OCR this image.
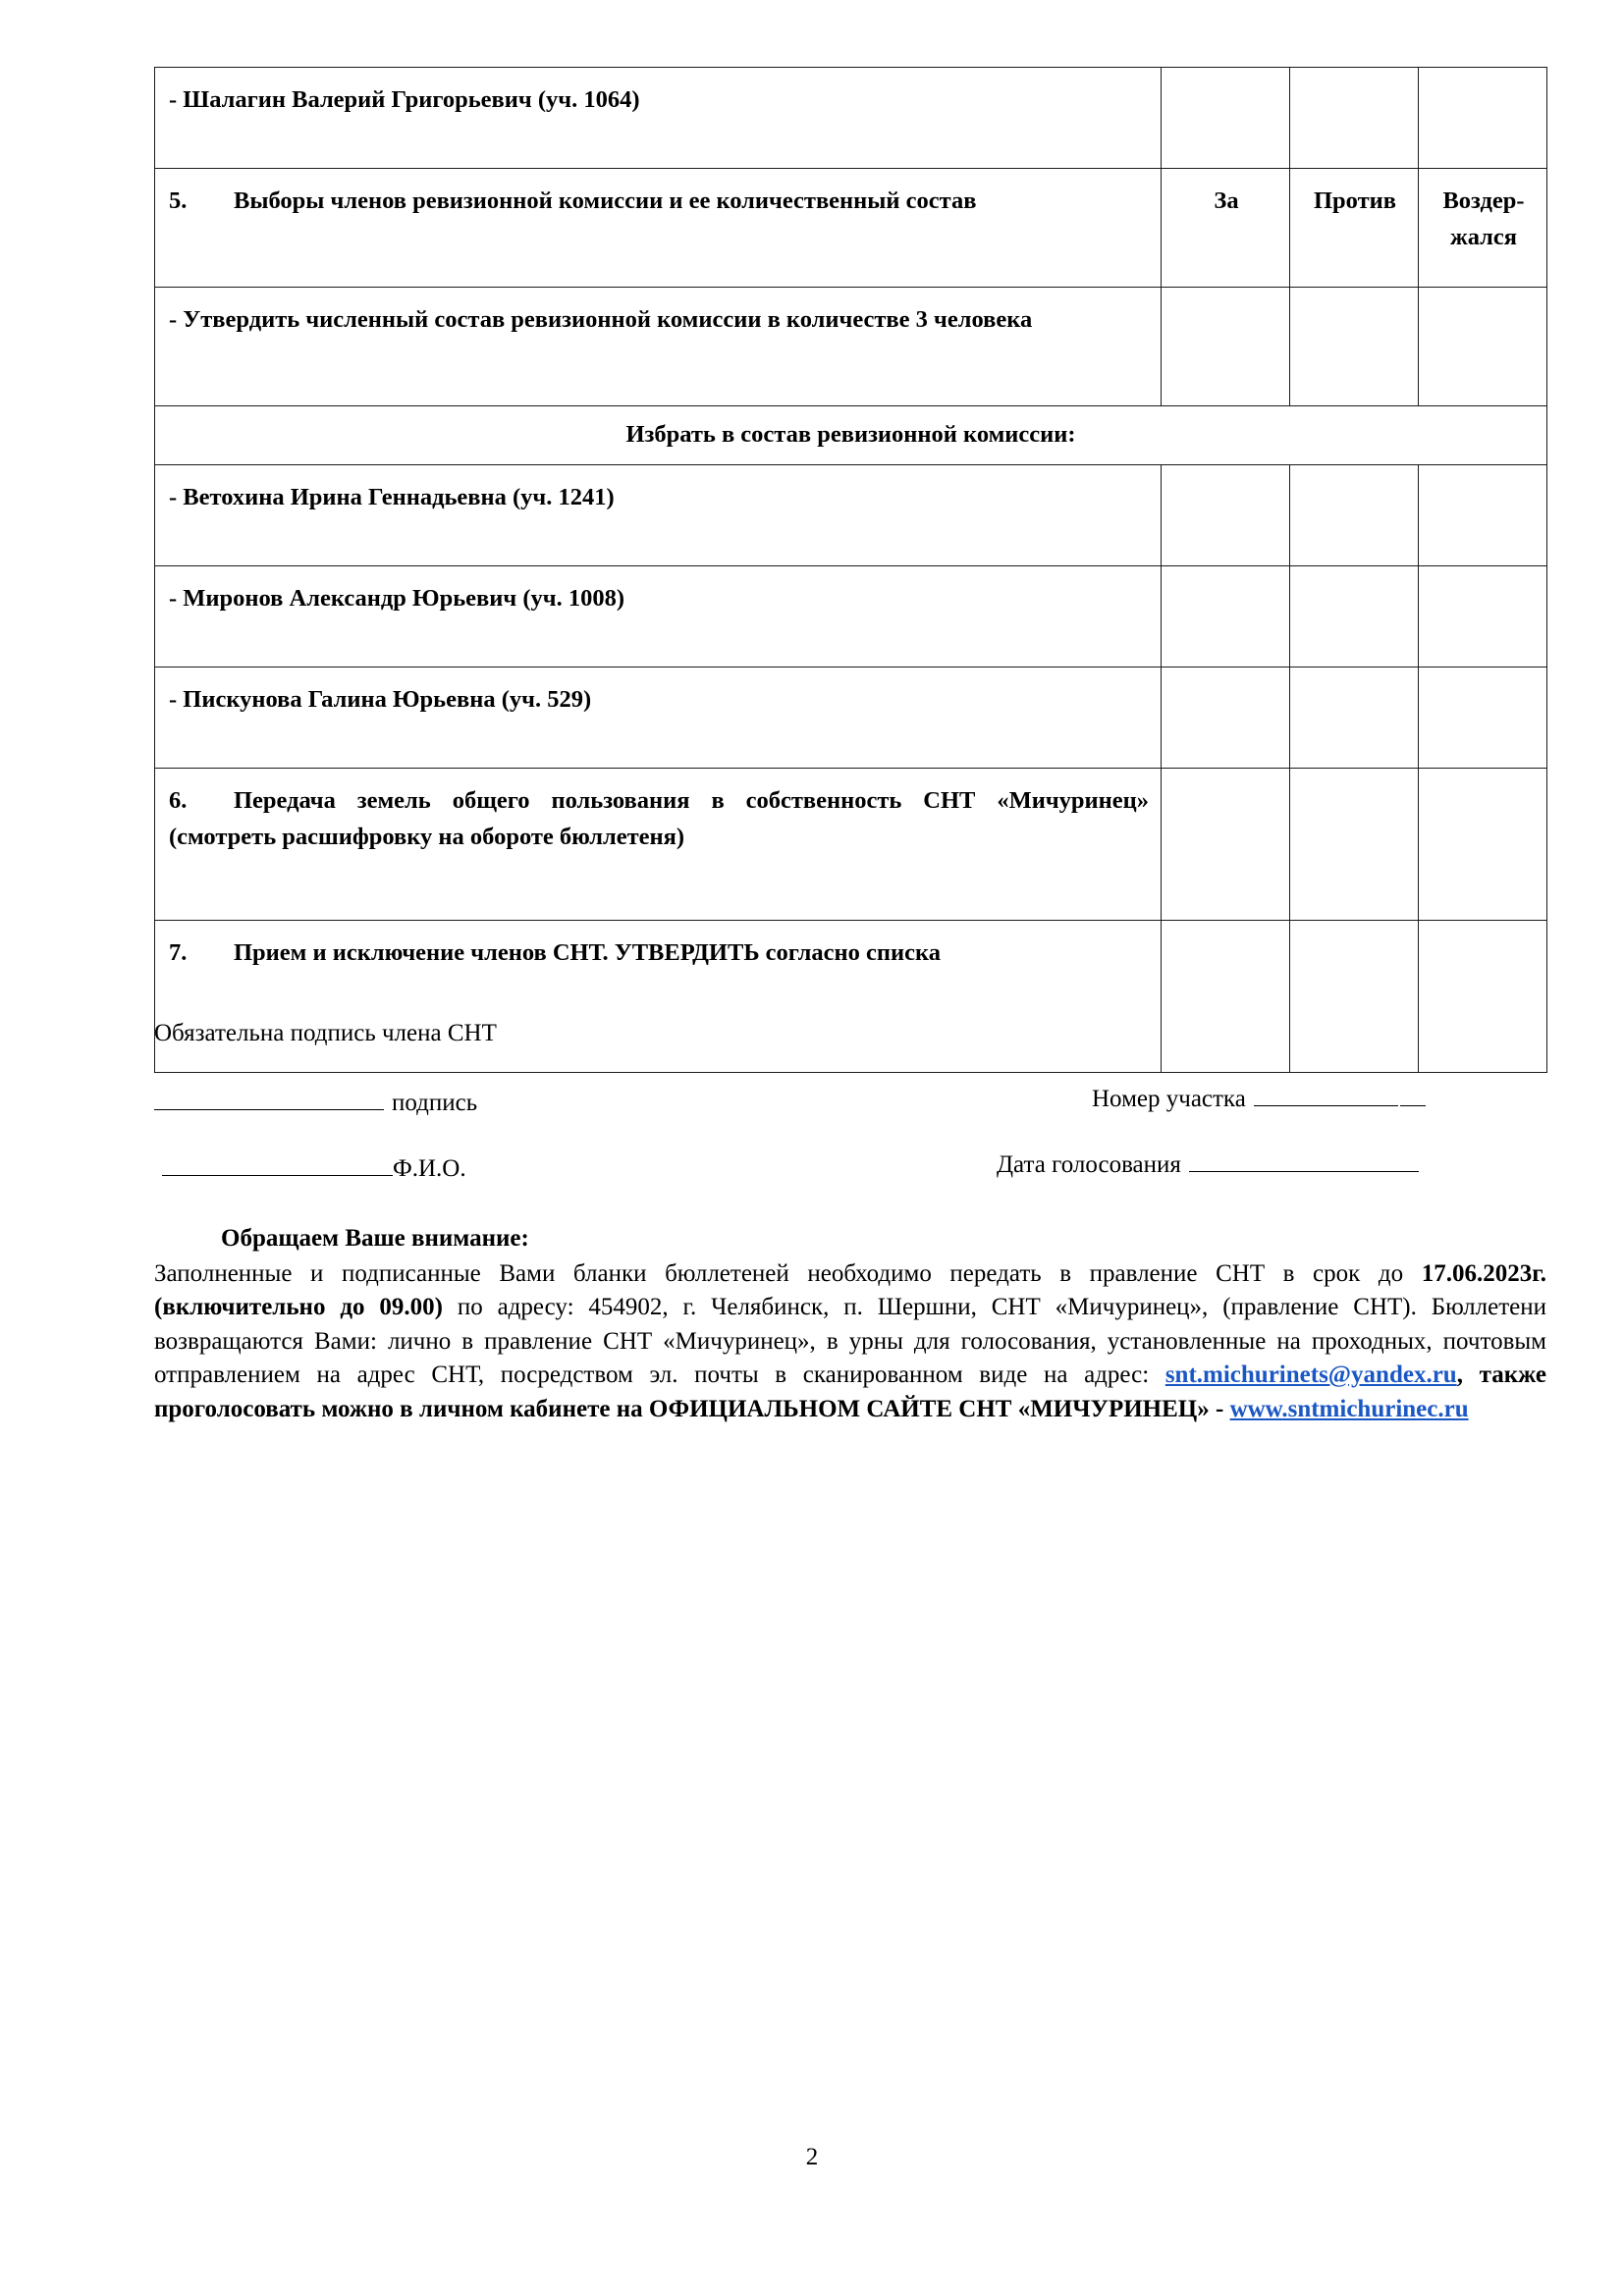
- Шалагин Валерий Григорьевич (уч. 1064)			
5. Выборы членов ревизионной комиссии и ее количественный состав	За	Против	Воздер-жался
- Утвердить численный состав ревизионной комиссии в количестве 3 человека			
Избрать в состав ревизионной комиссии:			
- Ветохина Ирина Геннадьевна (уч. 1241)			
- Миронов Александр Юрьевич (уч. 1008)			
- Пискунова Галина Юрьевна (уч. 529)			
6. Передача земель общего пользования в собственность СНТ «Мичуринец» (смотреть расшифровку на обороте бюллетеня)			
7. Прием и исключение членов СНТ. УТВЕРДИТЬ согласно списка			
Обязательна подпись члена СНТ
подпись
Ф.И.О.
Номер участка
Дата голосования
Обращаем Ваше внимание:
Заполненные и подписанные Вами бланки бюллетеней необходимо передать в правление СНТ в срок до 17.06.2023г. (включительно до 09.00) по адресу: 454902, г. Челябинск, п. Шершни, СНТ «Мичуринец», (правление СНТ). Бюллетени возвращаются Вами: лично в правление СНТ «Мичуринец», в урны для голосования, установленные на проходных, почтовым отправлением на адрес СНТ, посредством эл. почты в сканированном виде на адрес: snt.michurinets@yandex.ru, также проголосовать можно в личном кабинете на ОФИЦИАЛЬНОМ САЙТЕ СНТ «МИЧУРИНЕЦ» - www.sntmichurinec.ru
2
